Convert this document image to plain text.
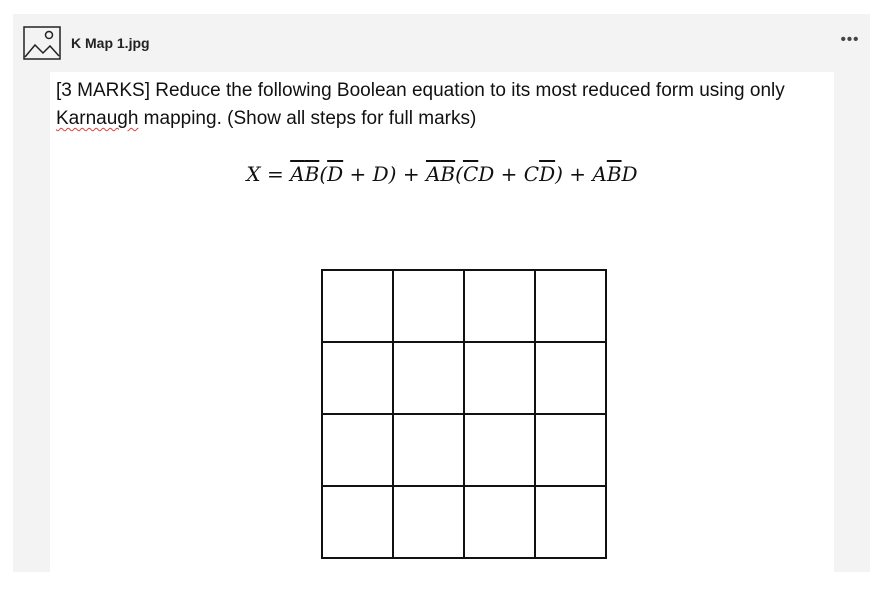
K Map 1.jpg	•••
[3 MARKS] Reduce the following Boolean equation to its most reduced form using only Karnaugh mapping. (Show all steps for full marks)
$X = \overline{A}\overline{B}(\overline{D} + D) + \overline{A}\overline{B}(\overline{C}D + C\overline{D}) + A\overline{B}D$
